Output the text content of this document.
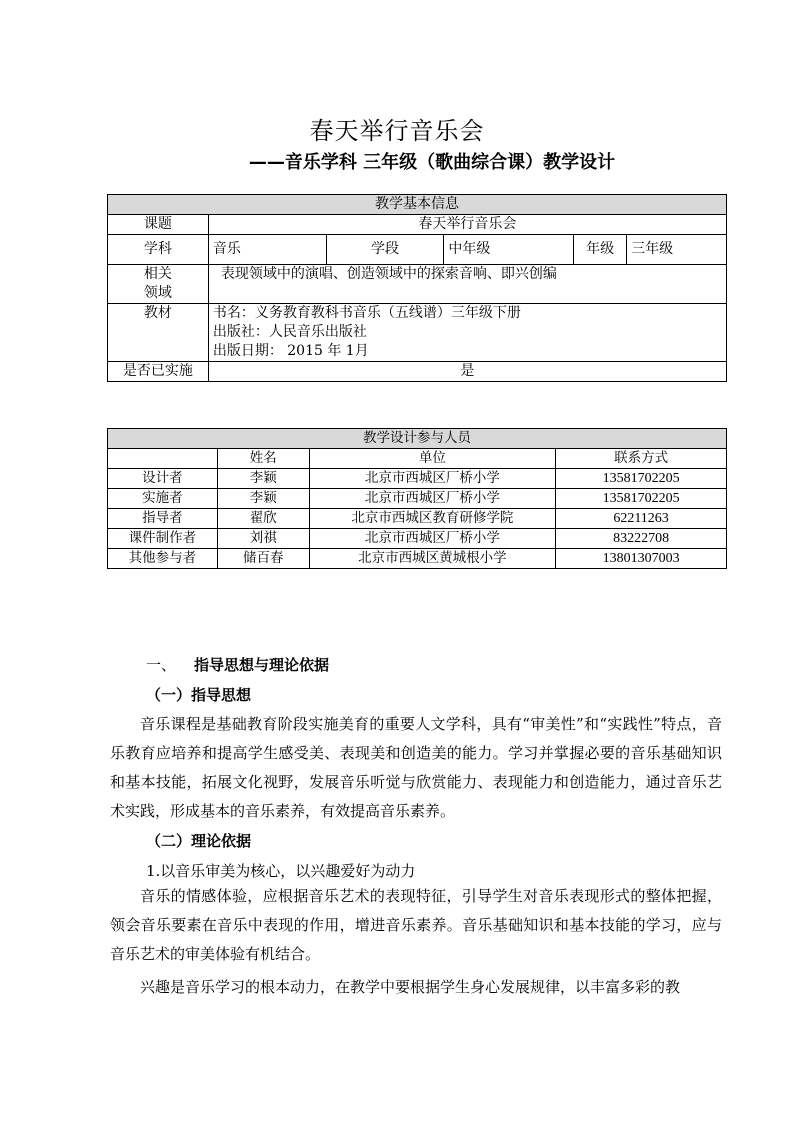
春天举行音乐会
——音乐学科 三年级（歌曲综合课）教学设计
教学基本信息					
课题	春天举行音乐会				
学科	音乐	学段	中年级	年级	三年级

相关
领域	表现领域中的演唱、创造领域中的探索音响、即兴创编				
教材	书名：义务教育教科书音乐（五线谱）三年级下册
出版社：人民音乐出版社
出版日期： 2015 年 1月				

是否已实施	是				
教学设计参与人员			
	姓名	单位	联系方式
设计者	李颖	北京市西城区厂桥小学	13581702205
实施者	李颖	北京市西城区厂桥小学	13581702205
指导者	翟欣	北京市西城区教育研修学院	62211263
课件制作者	刘祺	北京市西城区厂桥小学	83222708
其他参与者	储百春	北京市西城区黄城根小学	13801307003
一、 指导思想与理论依据
（一）指导思想
音乐课程是基础教育阶段实施美育的重要人文学科，具有“审美性”和“实践性”特点，音乐教育应培养和提高学生感受美、表现美和创造美的能力。学习并掌握必要的音乐基础知识和基本技能，拓展文化视野，发展音乐听觉与欣赏能力、表现能力和创造能力，通过音乐艺术实践，形成基本的音乐素养，有效提高音乐素养。
（二）理论依据
1.以音乐审美为核心，以兴趣爱好为动力
音乐的情感体验，应根据音乐艺术的表现特征，引导学生对音乐表现形式的整体把握，领会音乐要素在音乐中表现的作用，增进音乐素养。音乐基础知识和基本技能的学习，应与音乐艺术的审美体验有机结合。
兴趣是音乐学习的根本动力，在教学中要根据学生身心发展规律，以丰富多彩的教
